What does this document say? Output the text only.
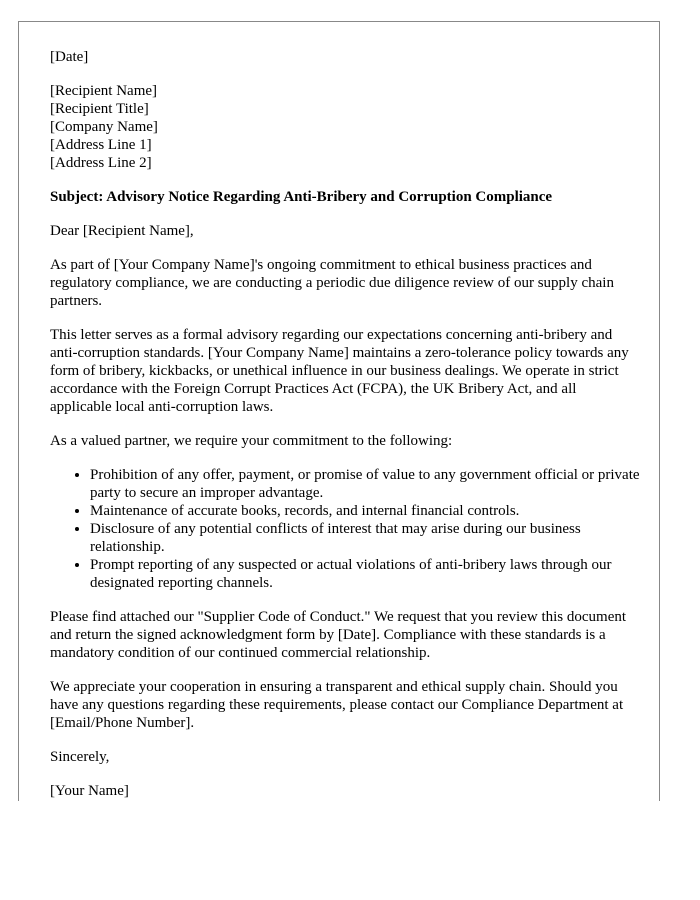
[Date]

[Recipient Name]
[Recipient Title]
[Company Name]
[Address Line 1]
[Address Line 2]

Subject: Advisory Notice Regarding Anti-Bribery and Corruption Compliance

Dear [Recipient Name],

As part of [Your Company Name]'s ongoing commitment to ethical business practices and regulatory compliance, we are conducting a periodic due diligence review of our supply chain partners.

This letter serves as a formal advisory regarding our expectations concerning anti-bribery and anti-corruption standards. [Your Company Name] maintains a zero-tolerance policy towards any form of bribery, kickbacks, or unethical influence in our business dealings. We operate in strict accordance with the Foreign Corrupt Practices Act (FCPA), the UK Bribery Act, and all applicable local anti-corruption laws.

As a valued partner, we require your commitment to the following:

• Prohibition of any offer, payment, or promise of value to any government official or private party to secure an improper advantage.
• Maintenance of accurate books, records, and internal financial controls.
• Disclosure of any potential conflicts of interest that may arise during our business relationship.
• Prompt reporting of any suspected or actual violations of anti-bribery laws through our designated reporting channels.

Please find attached our "Supplier Code of Conduct." We request that you review this document and return the signed acknowledgment form by [Date]. Compliance with these standards is a mandatory condition of our continued commercial relationship.

We appreciate your cooperation in ensuring a transparent and ethical supply chain. Should you have any questions regarding these requirements, please contact our Compliance Department at [Email/Phone Number].

Sincerely,

[Your Name]
